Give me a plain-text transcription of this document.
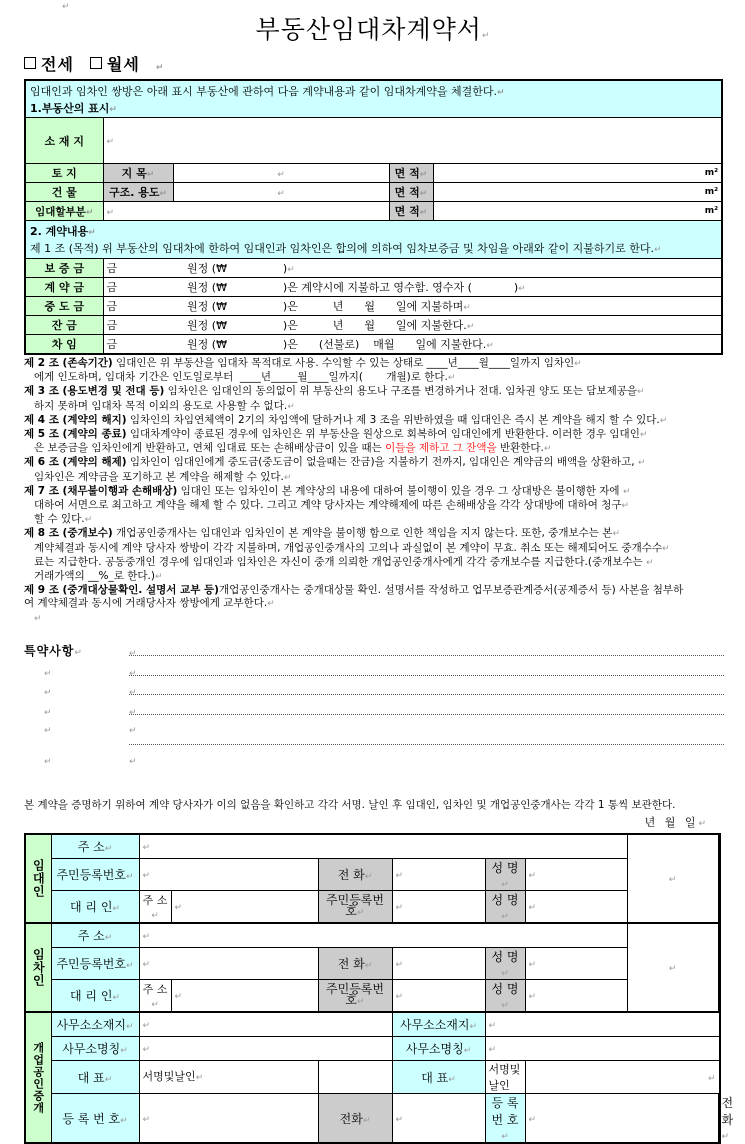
↵
부동산임대차계약서 ↵
전세 월세 ↵
임대인과 임차인 쌍방은 아래 표시 부동산에 관하여 다음 계약내용과 같이 임대차계약을 체결한다. ↵
1.부동산의 표시 ↵

소 재 지	↵
토 지	지 목 ↵	↵	면 적 ↵	m²

건 물	구조. 용도 ↵	↵	면 적 ↵	m²

임대할부분 ↵	↵		면 적 ↵	m²

2. 계약내용 ↵
제 1 조 (목적) 위 부동산의 임대차에 한하여 임대인과 임차인은 합의에 의하여 임차보증금 및 차임을 아래와 같이 지불하기로 한다. ↵

보 증 금	금                    원정 (₩                ) ↵
계 약 금	금                    원정 (₩                )은 계약시에 지불하고 영수함. 영수자 (            ) ↵
중 도 금	금                    원정 (₩                )은          년      월      일에 지불하며 ↵
잔 금	금                    원정 (₩                )은          년      월      일에 지불한다. ↵
차 임	금                    원정 (₩                )은      (선불로)    매월      일에 지불한다. ↵

제 2 조 (존속기간) 임대인은 위 부동산을 임대차 목적대로 사용. 수익할 수 있는 상태로 ____년____월____일까지 임차인 ↵

에게 인도하며, 임대차 기간은 인도일로부터  ____년_____월____일까지(       개월)로 한다. ↵

제 3 조 (용도변경 및 전대 등) 임차인은 임대인의 동의없이 위 부동산의 용도나 구조를 변경하거나 전대. 임차권 양도 또는 담보제공을 ↵

하지 못하며 임대차 목적 이외의 용도로 사용할 수 없다. ↵

제 4 조 (계약의 해지) 임차인의 차임연체액이 2기의 차임액에 달하거나 제 3 조을 위반하였을 때 임대인은 즉시 본 계약을 해지 할 수 있다. ↵

제 5 조 (계약의 종료) 임대차계약이 종료된 경우에 임차인은 위 부동산을 원상으로 회복하여 임대인에게 반환한다. 이러한 경우 임대인 ↵

은 보증금을 임차인에게 반환하고, 연체 임대료 또는 손해배상금이 있을 때는 이들을 제하고 그 잔액을 반환한다. ↵

제 6 조 (계약의 해제) 임차인이 임대인에게 중도금(중도금이 없을때는 잔금)을 지불하기 전까지, 임대인은 계약금의 배액을 상환하고,  ↵

임차인은 계약금을 포기하고 본 계약을 해제할 수 있다. ↵

제 7 조 (채무불이행과 손해배상) 임대인 또는 임차인이 본 계약상의 내용에 대하여 불이행이 있을 경우 그 상대방은 불이행한 자에  ↵

대하여 서면으로 최고하고 계약을 해제 할 수 있다. 그리고 계약 당사자는 계약해제에 따른 손해배상을 각각 상대방에 대하여 청구 ↵

할 수 있다. ↵

제 8 조 (중개보수) 개업공인중개사는 임대인과 임차인이 본 계약을 불이행 함으로 인한 책임을 지지 않는다. 또한, 중개보수는 본 ↵

계약체결과 동시에 계약 당사자 쌍방이 각각 지불하며, 개업공인중개사의 고의나 과실없이 본 계약이 무효. 취소 또는 해제되어도 중개수수 ↵

료는 지급한다. 공동중개인 경우에 임대인과 임차인은 자신이 중개 의뢰한 개업공인중개사에게 각각 중개보수를 지급한다.(중개보수는  ↵

거래가액의 __%_로 한다.) ↵

제 9 조 (중개대상물확인. 설명서 교부 등)개업공인중개사는 중개대상물 확인. 설명서를 작성하고 업무보증관계증서(공제증서 등) 사본을 첨부하

여 계약체결과 동시에 거래당사자 쌍방에게 교부한다. ↵

↵

특약사항 ↵
↵
↵
↵
↵
↵
↵
↵
↵
↵
↵
↵
본 계약을 증명하기 위하여 계약 당사자가 이의 없음을 확인하고 각각 서명. 날인 후 임대인, 임차인 및 개업공인중개사는 각각 1 통씩 보관한다.
년 월 일 ↵
임대인	주 소 ↵	↵	↵
	주민등록번호 ↵	↵		전 화 ↵	↵	성 명 ↵	↵
	대 리 인 ↵	주 소 ↵	↵	주민등록번호 ↵	↵	성 명 ↵	↵
임차인	주 소 ↵	↵	↵
	주민등록번호 ↵	↵		전 화 ↵	↵	성 명 ↵	↵
	대 리 인 ↵	주 소 ↵	↵	주민등록번호 ↵	↵	성 명 ↵	↵
개업공인중개	사무소소재지 ↵	↵			사무소소재지 ↵	↵
	사무소명칭 ↵	↵			사무소명칭 ↵	↵
	대 표 ↵	서명및날인 ↵			대 표 ↵	서명및날인	↵
	등 록 번 호 ↵	↵		전화 ↵	↵	등 록 번 호 ↵	↵		전화 ↵	↵
